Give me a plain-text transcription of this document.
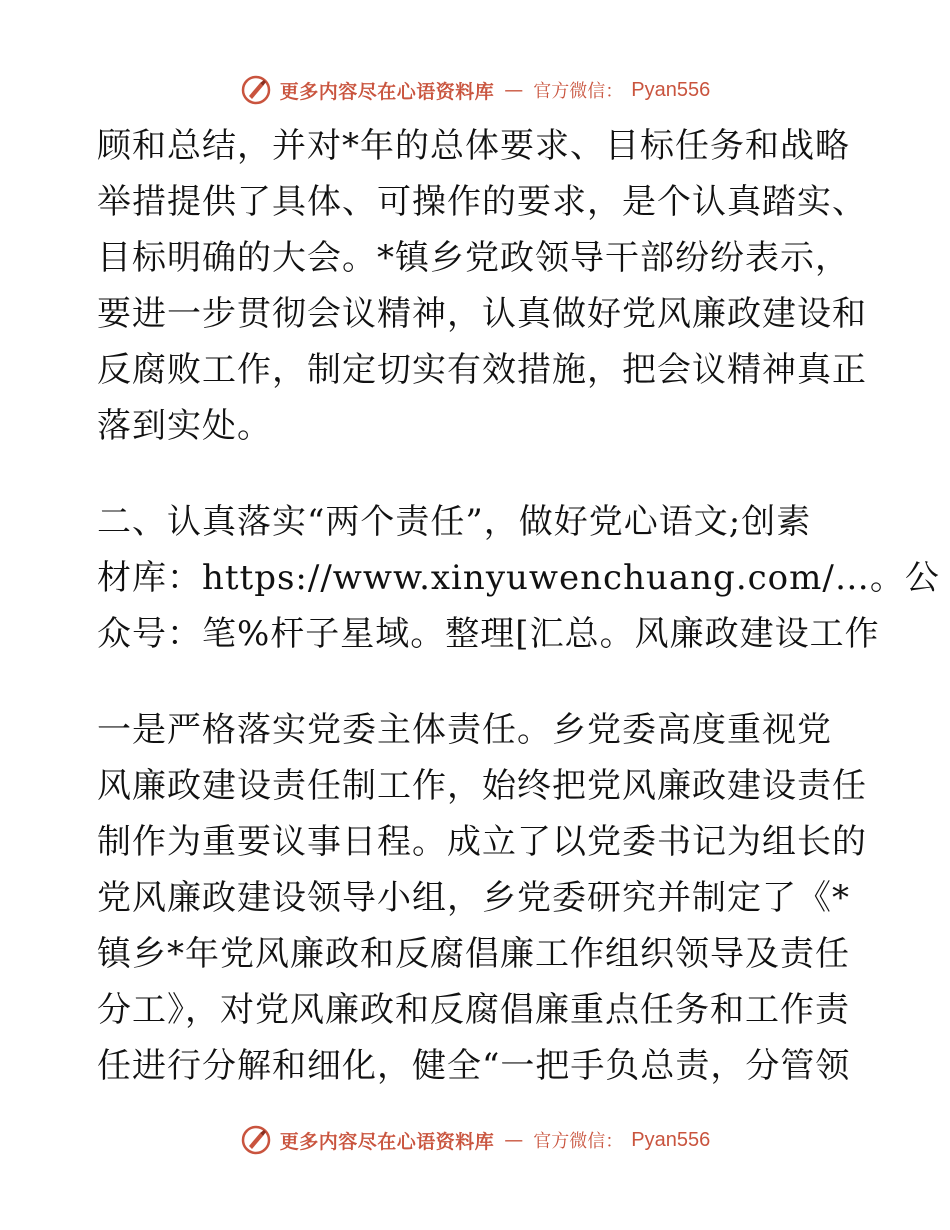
更多内容尽在心语资料库 — 官方微信： Pyan556
顾和总结，并对*年的总体要求、目标任务和战略
举措提供了具体、可操作的要求，是个认真踏实、
目标明确的大会。*镇乡党政领导干部纷纷表示，
要进一步贯彻会议精神，认真做好党风廉政建设和
反腐败工作，制定切实有效措施，把会议精神真正
落到实处。
二、认真落实“两个责任”，做好党心语文;创素
材库：https://www.xinyuwenchuang.com/…。公
众号：笔%杆子星域。整理[汇总。风廉政建设工作
一是严格落实党委主体责任。乡党委高度重视党
风廉政建设责任制工作，始终把党风廉政建设责任
制作为重要议事日程。成立了以党委书记为组长的
党风廉政建设领导小组，乡党委研究并制定了《*
镇乡*年党风廉政和反腐倡廉工作组织领导及责任
分工》，对党风廉政和反腐倡廉重点任务和工作责
任进行分解和细化，健全“一把手负总责，分管领
更多内容尽在心语资料库 — 官方微信： Pyan556
